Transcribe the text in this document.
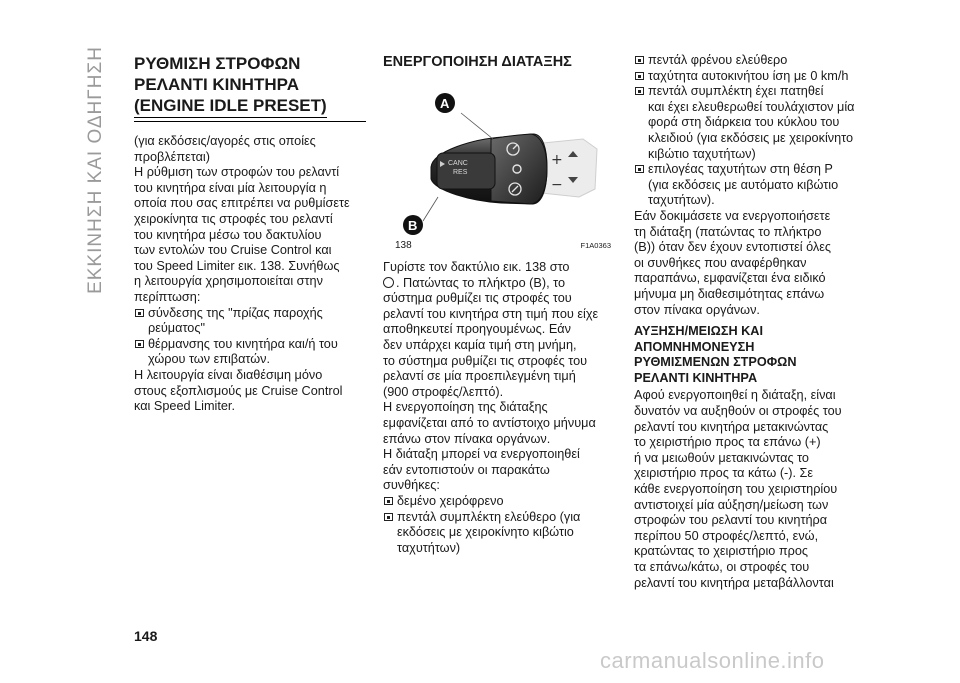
ΕΚΚΙΝΗΣΗ ΚΑΙ ΟΔΗΓΗΣΗ ΡΥΘΜΙΣΗ ΣΤΡΟΦΩΝ
ΡΕΛΑΝΤΙ ΚΙΝΗΤΗΡΑ
(ENGINE IDLE PRESET)

(για εκδόσεις/αγορές στις οποίες

προβλέπεται)

Η ρύθμιση των στροφών του ρελαντί

του κινητήρα είναι μία λειτουργία η

οποία που σας επιτρέπει να ρυθμίσετε

χειροκίνητα τις στροφές του ρελαντί

του κινητήρα μέσω του δακτυλίου

των εντολών του Cruise Control και

του Speed Limiter εικ. 138. Συνήθως

η λειτουργία χρησιμοποιείται στην

περίπτωση:

σύνδεσης της "πρίζας παροχής

ρεύματος"

θέρμανσης του κινητήρα και/ή του

χώρου των επιβατών.

Η λειτουργία είναι διαθέσιμη μόνο

στους εξοπλισμούς με Cruise Control

και Speed Limiter.

ΕΝΕΡΓΟΠΟΙΗΣΗ ΔΙΑΤΑΞΗΣ
+
−
CANC
RES
A
B
138	F1A0363

Γυρίστε τον δακτύλιο εικ. 138 στο

. Πατώντας το πλήκτρο (B), το

σύστημα ρυθμίζει τις στροφές του

ρελαντί του κινητήρα στη τιμή που είχε

αποθηκευτεί προηγουμένως. Εάν

δεν υπάρχει καμία τιμή στη μνήμη,

το σύστημα ρυθμίζει τις στροφές του

ρελαντί σε μία προεπιλεγμένη τιμή

(900 στροφές/λεπτό).

Η ενεργοποίηση της διάταξης

εμφανίζεται από το αντίστοιχο μήνυμα

επάνω στον πίνακα οργάνων.

Η διάταξη μπορεί να ενεργοποιηθεί

εάν εντοπιστούν οι παρακάτω

συνθήκες:

δεμένο χειρόφρενο

πεντάλ συμπλέκτη ελεύθερο (για

εκδόσεις με χειροκίνητο κιβώτιο

ταχυτήτων)

πεντάλ φρένου ελεύθερο

ταχύτητα αυτοκινήτου ίση με 0 km/h

πεντάλ συμπλέκτη έχει πατηθεί

και έχει ελευθερωθεί τουλάχιστον μία

φορά στη διάρκεια του κύκλου του

κλειδιού (για εκδόσεις με χειροκίνητο

κιβώτιο ταχυτήτων)

επιλογέας ταχυτήτων στη θέση P

(για εκδόσεις με αυτόματο κιβώτιο

ταχυτήτων).

Εάν δοκιμάσετε να ενεργοποιήσετε

τη διάταξη (πατώντας το πλήκτρο

(B)) όταν δεν έχουν εντοπιστεί όλες

οι συνθήκες που αναφέρθηκαν

παραπάνω, εμφανίζεται ένα ειδικό

μήνυμα μη διαθεσιμότητας επάνω

στον πίνακα οργάνων.

ΑΥΞΗΣΗ/ΜΕΙΩΣΗ ΚΑΙ

ΑΠΟΜΝΗΜΟΝΕΥΣΗ

ΡΥΘΜΙΣΜΕΝΩΝ ΣΤΡΟΦΩΝ

ΡΕΛΑΝΤΙ ΚΙΝΗΤΗΡΑ

Αφού ενεργοποιηθεί η διάταξη, είναι

δυνατόν να αυξηθούν οι στροφές του

ρελαντί του κινητήρα μετακινώντας

το χειριστήριο προς τα επάνω (+)

ή να μειωθούν μετακινώντας το

χειριστήριο προς τα κάτω (-). Σε

κάθε ενεργοποίηση του χειριστηρίου

αντιστοιχεί μία αύξηση/μείωση των

στροφών του ρελαντί του κινητήρα

περίπου 50 στροφές/λεπτό, ενώ,

κρατώντας το χειριστήριο προς

τα επάνω/κάτω, οι στροφές του

ρελαντί του κινητήρα μεταβάλλονται

148
carmanualsonline.info
